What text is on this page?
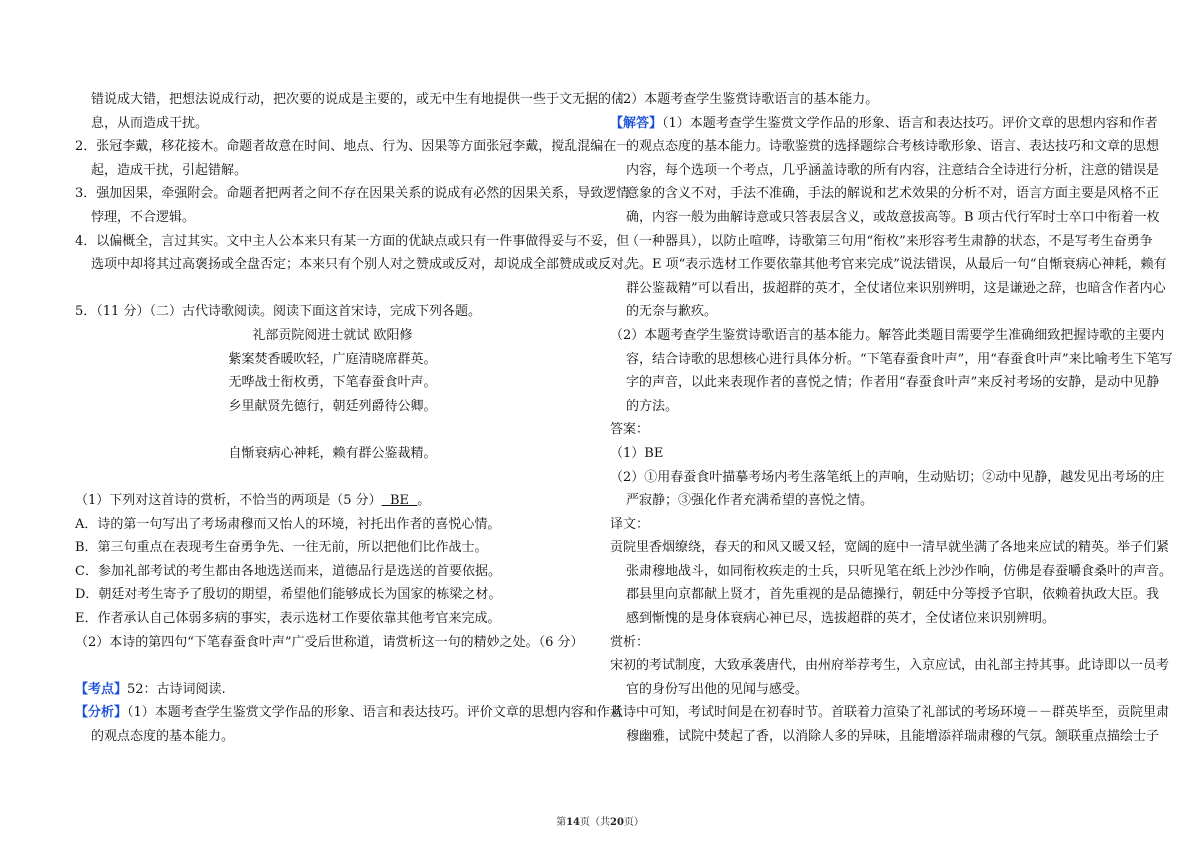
错说成大错，把想法说成行动，把次要的说成是主要的，或无中生有地提供一些于文无据的信
息，从而造成干扰。
2．张冠李戴，移花接木。命题者故意在时间、地点、行为、因果等方面张冠李戴，搅乱混编在一
起，造成干扰，引起错解。
3．强加因果，牵强附会。命题者把两者之间不存在因果关系的说成有必然的因果关系，导致逻情
悖理，不合逻辑。
4．以偏概全，言过其实。文中主人公本来只有某一方面的优缺点或只有一件事做得妥与不妥，但
选项中却将其过高褒扬或全盘否定；本来只有个别人对之赞成或反对，却说成全部赞成或反对。
5．（11 分）（二）古代诗歌阅读。阅读下面这首宋诗，完成下列各题。
礼部贡院阅进士就试 欧阳修
紫案焚香暖吹轻，广庭清晓席群英。
无哗战士衔枚勇，下笔春蚕食叶声。
乡里献贤先德行，朝廷列爵待公卿。
自惭衰病心神耗，赖有群公鉴裁精。
（1）下列对这首诗的赏析，不恰当的两项是（5 分）  BE  。
A．诗的第一句写出了考场肃穆而又怡人的环境，衬托出作者的喜悦心情。
B．第三句重点在表现考生奋勇争先、一往无前，所以把他们比作战士。
C．参加礼部考试的考生都由各地选送而来，道德品行是选送的首要依据。
D．朝廷对考生寄予了殷切的期望，希望他们能够成长为国家的栋梁之材。
E．作者承认自己体弱多病的事实，表示选材工作要依靠其他考官来完成。
（2）本诗的第四句“下笔春蚕食叶声”广受后世称道，请赏析这一句的精妙之处。（6 分）
【考点】52：古诗词阅读.
【分析】（1）本题考查学生鉴赏文学作品的形象、语言和表达技巧。评价文章的思想内容和作者
的观点态度的基本能力。
（2）本题考查学生鉴赏诗歌语言的基本能力。
【解答】（1）本题考查学生鉴赏文学作品的形象、语言和表达技巧。评价文章的思想内容和作者
的观点态度的基本能力。诗歌鉴赏的选择题综合考核诗歌形象、语言、表达技巧和文章的思想
内容，每个选项一个考点，几乎涵盖诗歌的所有内容，注意结合全诗进行分析，注意的错误是
意象的含义不对，手法不准确，手法的解说和艺术效果的分析不对，语言方面主要是风格不正
确，内容一般为曲解诗意或只答表层含义，或故意拔高等。B 项古代行军时士卒口中衔着一枚
（一种器具），以防止喧哗，诗歌第三句用“衔枚”来形容考生肃静的状态，不是写考生奋勇争
先。E 项“表示选材工作要依靠其他考官来完成”说法错误，从最后一句“自惭衰病心神耗，赖有
群公鉴裁精”可以看出，拔超群的英才，全仗诸位来识别辨明，这是谦逊之辞，也暗含作者内心
的无奈与歉疚。
（2）本题考查学生鉴赏诗歌语言的基本能力。解答此类题目需要学生准确细致把握诗歌的主要内
容，结合诗歌的思想核心进行具体分析。“下笔春蚕食叶声”，用“春蚕食叶声”来比喻考生下笔写
字的声音，以此来表现作者的喜悦之情；作者用“春蚕食叶声”来反衬考场的安静，是动中见静
的方法。
答案：
（1）BE
（2）①用春蚕食叶描摹考场内考生落笔纸上的声响，生动贴切；②动中见静，越发见出考场的庄
严寂静；③强化作者充满希望的喜悦之情。
译文：
贡院里香烟缭绕，春天的和风又暖又轻，宽阔的庭中一清早就坐满了各地来应试的精英。举子们紧
张肃穆地战斗，如同衔枚疾走的士兵，只听见笔在纸上沙沙作响，仿佛是春蚕嚼食桑叶的声音。
郡县里向京都献上贤才，首先重视的是品德操行，朝廷中分等授予官职，依赖着执政大臣。我
感到惭愧的是身体衰病心神已尽，选拔超群的英才，全仗诸位来识别辨明。
赏析：
宋初的考试制度，大致承袭唐代，由州府举荐考生，入京应试，由礼部主持其事。此诗即以一员考
官的身份写出他的见闻与感受。
从诗中可知，考试时间是在初春时节。首联着力渲染了礼部试的考场环境－－群英毕至，贡院里肃
穆幽雅，试院中焚起了香，以消除人多的异味，且能增添祥瑞肃穆的气氛。颔联重点描绘士子
第14页（共20页）
